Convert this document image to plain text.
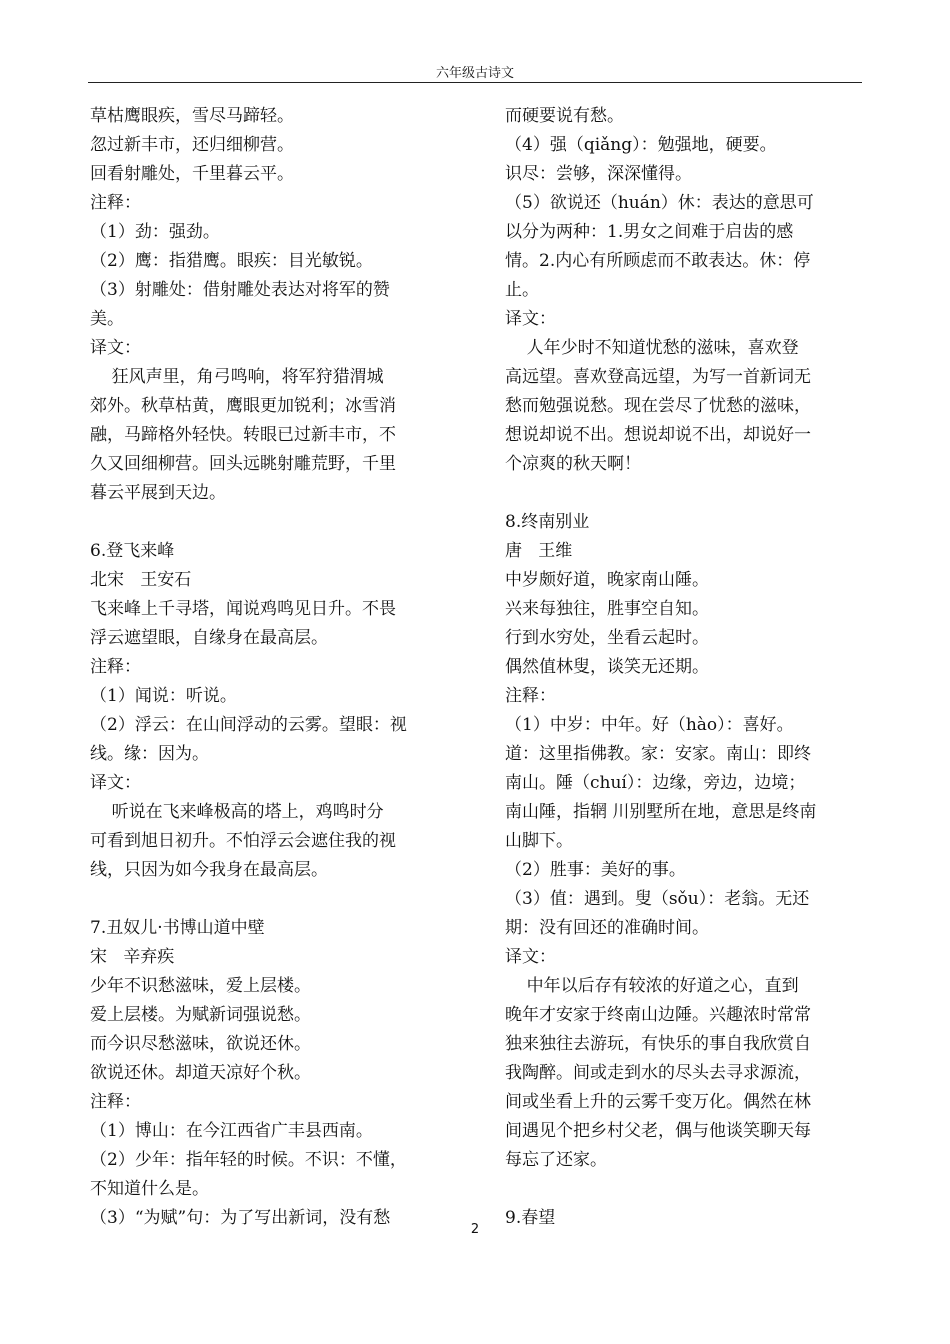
六年级古诗文

草枯鹰眼疾，雪尽马蹄轻。

忽过新丰市，还归细柳营。

回看射雕处，千里暮云平。

注释：

（1）劲：强劲。

（2）鹰：指猎鹰。眼疾：目光敏锐。

（3）射雕处：借射雕处表达对将军的赞

美。

译文：

狂风声里，角弓鸣响，将军狩猎渭城

郊外。秋草枯黄，鹰眼更加锐利；冰雪消

融，马蹄格外轻快。转眼已过新丰市，不

久又回细柳营。回头远眺射雕荒野，千里

暮云平展到天边。

6.登飞来峰

北宋   王安石

飞来峰上千寻塔，闻说鸡鸣见日升。不畏

浮云遮望眼，自缘身在最高层。

注释：

（1）闻说：听说。

（2）浮云：在山间浮动的云雾。望眼：视

线。缘：因为。

译文：

听说在飞来峰极高的塔上，鸡鸣时分

可看到旭日初升。不怕浮云会遮住我的视

线，只因为如今我身在最高层。

7.丑奴儿·书博山道中壁

宋   辛弃疾

少年不识愁滋味，爱上层楼。

爱上层楼。为赋新词强说愁。

而今识尽愁滋味，欲说还休。

欲说还休。却道天凉好个秋。

注释：

（1）博山：在今江西省广丰县西南。

（2）少年：指年轻的时候。不识：不懂，

不知道什么是。

（3）“为赋”句：为了写出新词，没有愁

而硬要说有愁。

（4）强（qiǎng）：勉强地，硬要。

识尽：尝够，深深懂得。

（5）欲说还（huán）休：表达的意思可

以分为两种：1.男女之间难于启齿的感

情。2.内心有所顾虑而不敢表达。休：停

止。

译文：

人年少时不知道忧愁的滋味，喜欢登

高远望。喜欢登高远望，为写一首新词无

愁而勉强说愁。现在尝尽了忧愁的滋味，

想说却说不出。想说却说不出，却说好一

个凉爽的秋天啊！

8.终南别业

唐   王维

中岁颇好道，晚家南山陲。

兴来每独往，胜事空自知。

行到水穷处，坐看云起时。

偶然值林叟，谈笑无还期。

注释：

（1）中岁：中年。好（hào）：喜好。

道：这里指佛教。家：安家。南山：即终

南山。陲（chuí）：边缘，旁边，边境；

南山陲，指辋 川别墅所在地，意思是终南

山脚下。

（2）胜事：美好的事。

（3）值：遇到。叟（sǒu）：老翁。无还

期：没有回还的准确时间。

译文：

中年以后存有较浓的好道之心，直到

晚年才安家于终南山边陲。兴趣浓时常常

独来独往去游玩，有快乐的事自我欣赏自

我陶醉。间或走到水的尽头去寻求源流，

间或坐看上升的云雾千变万化。偶然在林

间遇见个把乡村父老，偶与他谈笑聊天每

每忘了还家。

9.春望

2
